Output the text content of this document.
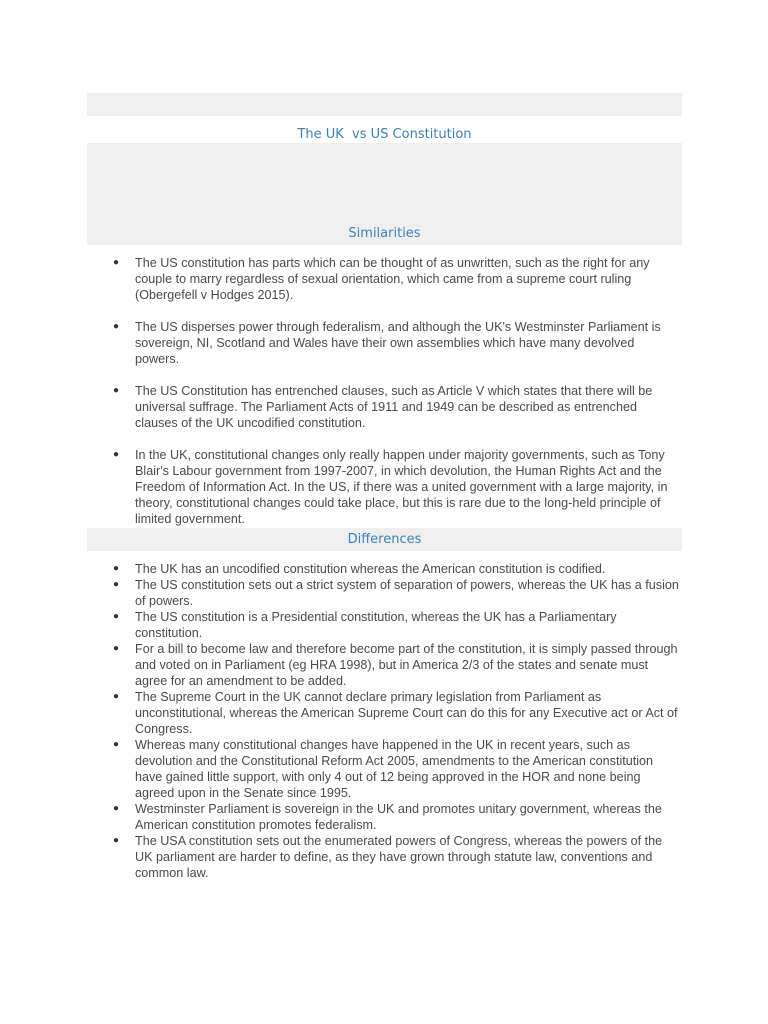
The UK  vs US Constitution
Similarities
● The US constitution has parts which can be thought of as unwritten, such as the right for any couple to marry regardless of sexual orientation, which came from a supreme court ruling (Obergefell v Hodges 2015).
● The US disperses power through federalism, and although the UK's Westminster Parliament is sovereign, NI, Scotland and Wales have their own assemblies which have many devolved powers.
● The US Constitution has entrenched clauses, such as Article V which states that there will be universal suffrage. The Parliament Acts of 1911 and 1949 can be described as entrenched clauses of the UK uncodified constitution.
● In the UK, constitutional changes only really happen under majority governments, such as Tony Blair's Labour government from 1997-2007, in which devolution, the Human Rights Act and the Freedom of Information Act. In the US, if there was a united government with a large majority, in theory, constitutional changes could take place, but this is rare due to the long-held principle of limited government.
Differences
● The UK has an uncodified constitution whereas the American constitution is codified.
● The US constitution sets out a strict system of separation of powers, whereas the UK has a fusion of powers.
● The US constitution is a Presidential constitution, whereas the UK has a Parliamentary constitution.
● For a bill to become law and therefore become part of the constitution, it is simply passed through and voted on in Parliament (eg HRA 1998), but in America 2/3 of the states and senate must agree for an amendment to be added.
● The Supreme Court in the UK cannot declare primary legislation from Parliament as unconstitutional, whereas the American Supreme Court can do this for any Executive act or Act of Congress.
● Whereas many constitutional changes have happened in the UK in recent years, such as devolution and the Constitutional Reform Act 2005, amendments to the American constitution have gained little support, with only 4 out of 12 being approved in the HOR and none being agreed upon in the Senate since 1995.
● Westminster Parliament is sovereign in the UK and promotes unitary government, whereas the American constitution promotes federalism.
● The USA constitution sets out the enumerated powers of Congress, whereas the powers of the UK parliament are harder to define, as they have grown through statute law, conventions and common law.
